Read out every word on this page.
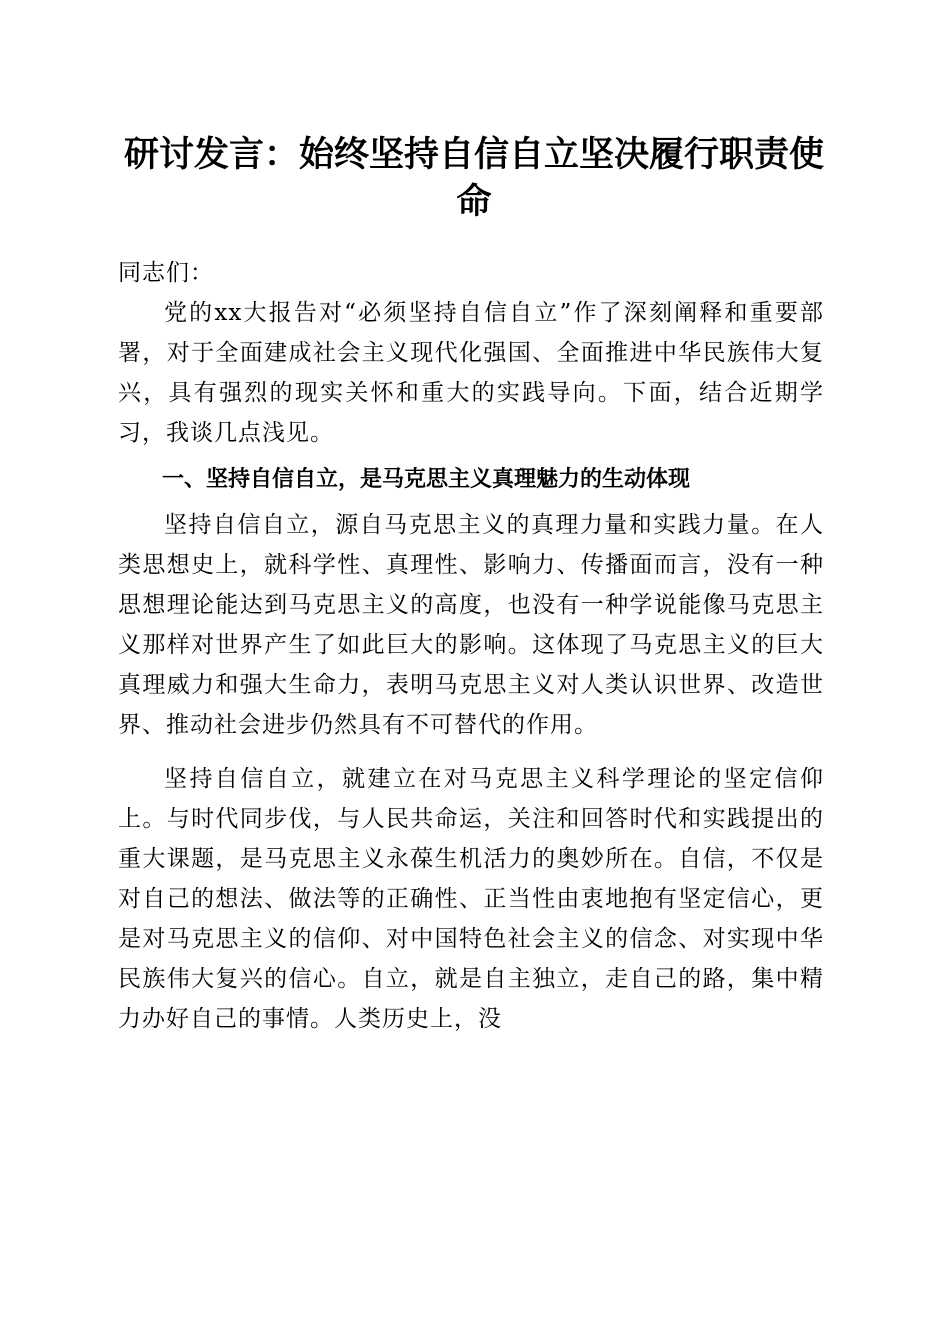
研讨发言：始终坚持自信自立坚决履行职责使命

同志们：

党的xx大报告对“必须坚持自信自立”作了深刻阐释和重要部署，对于全面建成社会主义现代化强国、全面推进中华民族伟大复兴，具有强烈的现实关怀和重大的实践导向。下面，结合近期学习，我谈几点浅见。

一、坚持自信自立，是马克思主义真理魅力的生动体现

坚持自信自立，源自马克思主义的真理力量和实践力量。在人类思想史上，就科学性、真理性、影响力、传播面而言，没有一种思想理论能达到马克思主义的高度，也没有一种学说能像马克思主义那样对世界产生了如此巨大的影响。这体现了马克思主义的巨大真理威力和强大生命力，表明马克思主义对人类认识世界、改造世界、推动社会进步仍然具有不可替代的作用。

坚持自信自立，就建立在对马克思主义科学理论的坚定信仰上。与时代同步伐，与人民共命运，关注和回答时代和实践提出的重大课题，是马克思主义永葆生机活力的奥妙所在。自信，不仅是对自己的想法、做法等的正确性、正当性由衷地抱有坚定信心，更是对马克思主义的信仰、对中国特色社会主义的信念、对实现中华民族伟大复兴的信心。自立，就是自主独立，走自己的路，集中精力办好自己的事情。人类历史上，没
